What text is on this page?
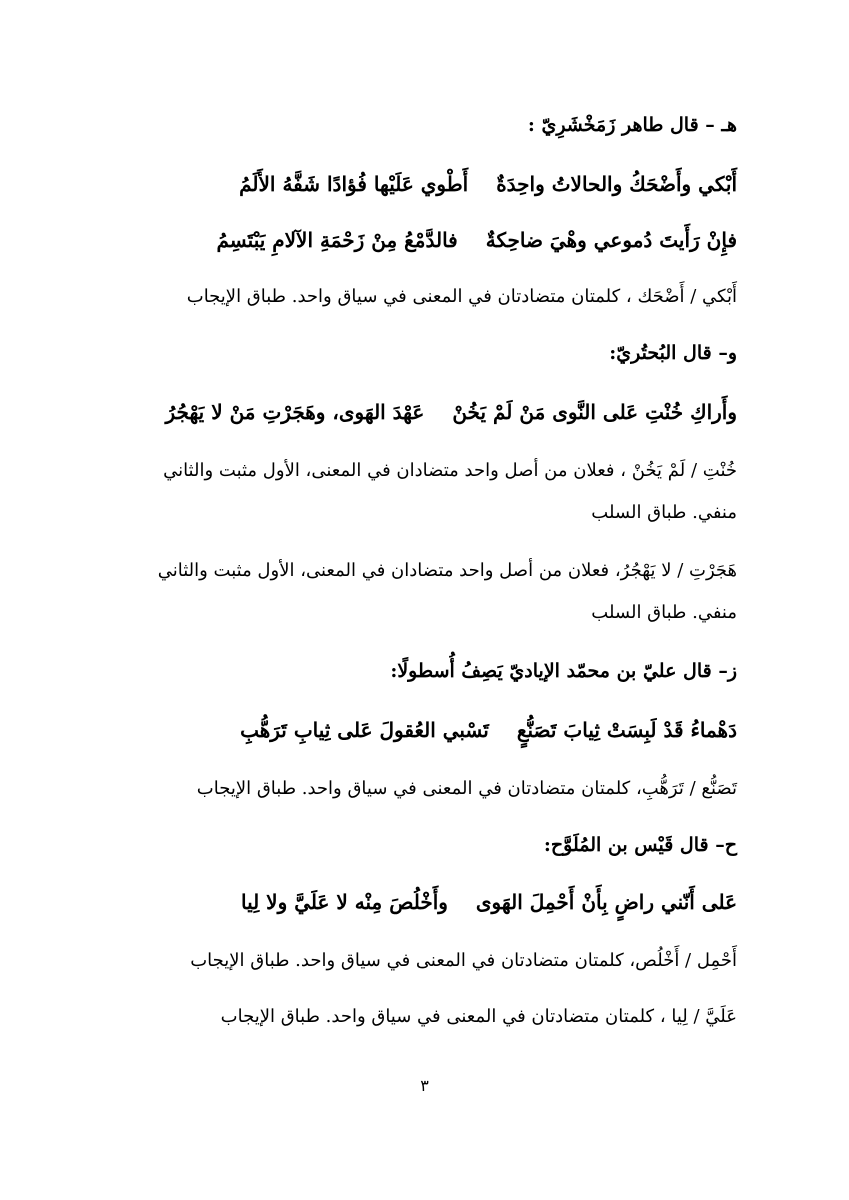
هـ – قال طاهر زَمَخْشَرِيّ :
أَبْكي وأَضْحَكُ والحالاتُ واحِدَةٌ
أَطْوي عَلَيْها فُؤادًا شَفَّهُ الأَلَمُ
فإِنْ رَأَيتَ دُموعي وهْيَ ضاحِكةٌ
فالدَّمْعُ مِنْ زَحْمَةِ الآلامِ يَبْتَسِمُ
أَبْكي / أَضْحَك ، كلمتان متضادتان في المعنى في سياق واحد. طباق الإيجاب
و– قال البُحتُريّ:
وأَراكِ خُنْتِ عَلى النَّوى مَنْ لَمْ يَخُنْ
عَهْدَ الهَوى، وهَجَرْتِ مَنْ لا يَهْجُرُ
خُنْتِ / لَمْ يَخُنْ ، فعلان من أصل واحد متضادان في المعنى، الأول مثبت والثاني
منفي. طباق السلب
هَجَرْتِ / لا يَهْجُرُ، فعلان من أصل واحد متضادان في المعنى، الأول مثبت والثاني
منفي. طباق السلب
ز– قال عليّ بن محمّد الإياديّ يَصِفُ أُسطولًا:
دَهْماءُ قَدْ لَبِسَتْ ثِيابَ تَصَنُّعٍ
تَسْبي العُقولَ عَلى ثِيابِ تَرَهُّبِ
تَصَنُّع / تَرَهُّبِ، كلمتان متضادتان في المعنى في سياق واحد. طباق الإيجاب
ح– قال قَيْس بن المُلَوَّح:
عَلى أَنّني راضٍ بِأَنْ أَحْمِلَ الهَوى
وأَخْلُصَ مِنْه لا عَلَيَّ ولا لِيا
أَحْمِل / أَخْلُص، كلمتان متضادتان في المعنى في سياق واحد. طباق الإيجاب
عَلَيَّ / لِيا ، كلمتان متضادتان في المعنى في سياق واحد. طباق الإيجاب
٣
